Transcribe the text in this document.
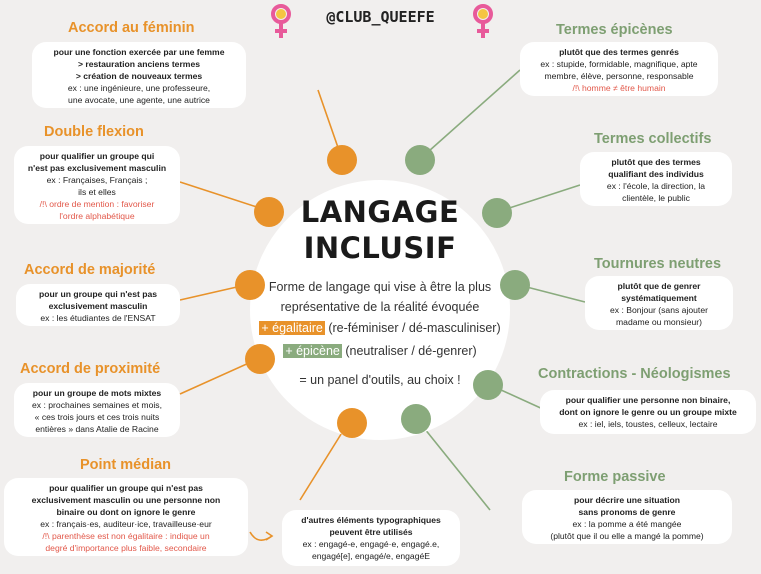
@CLUB_QUEEFE
LANGAGE
INCLUSIF
Forme de langage qui vise à être la plus
représentative de la réalité évoquée
+ égalitaire (re-féminiser / dé-masculiniser)
+ épicène (neutraliser / dé-genrer)
= un panel d'outils, au choix !
Accord au féminin
pour une fonction exercée par une femme
> restauration anciens termes
> création de nouveaux termes
ex : une ingénieure, une professeure,
une avocate, une agente, une autrice
Double flexion
pour qualifier un groupe qui
n'est pas exclusivement masculin
ex : Françaises, Français ;
ils et elles
/!\ ordre de mention : favoriser
l'ordre alphabétique
Accord de majorité
pour un groupe qui n'est pas
exclusivement masculin
ex : les étudiantes de l'ENSAT
Accord de proximité
pour un groupe de mots mixtes
ex : prochaines semaines et mois,
« ces trois jours et ces trois nuits
entières » dans Atalie de Racine
Point médian
pour qualifier un groupe qui n'est pas
exclusivement masculin ou une personne non
binaire ou dont on ignore le genre
ex : français·es, auditeur·ice, travailleuse·eur
/!\ parenthèse est non égalitaire : indique un
degré d'importance plus faible, secondaire
d'autres éléments typographiques
peuvent être utilisés
ex : engagé-e, engagé·e, engagé.e,
engagé[e], engagé/e, engagéE
Termes épicènes
plutôt que des termes genrés
ex : stupide, formidable, magnifique, apte
membre, élève, personne, responsable
/!\ homme ≠ être humain
Termes collectifs
plutôt que des termes
qualifiant des individus
ex : l'école, la direction, la
clientèle, le public
Tournures neutres
plutôt que de genrer
systématiquement
ex : Bonjour (sans ajouter
madame ou monsieur)
Contractions - Néologismes
pour qualifier une personne non binaire,
dont on ignore le genre ou un groupe mixte
ex : iel, iels, toustes, celleux, lectaire
Forme passive
pour décrire une situation
sans pronoms de genre
ex : la pomme a été mangée
(plutôt que il ou elle a mangé la pomme)
